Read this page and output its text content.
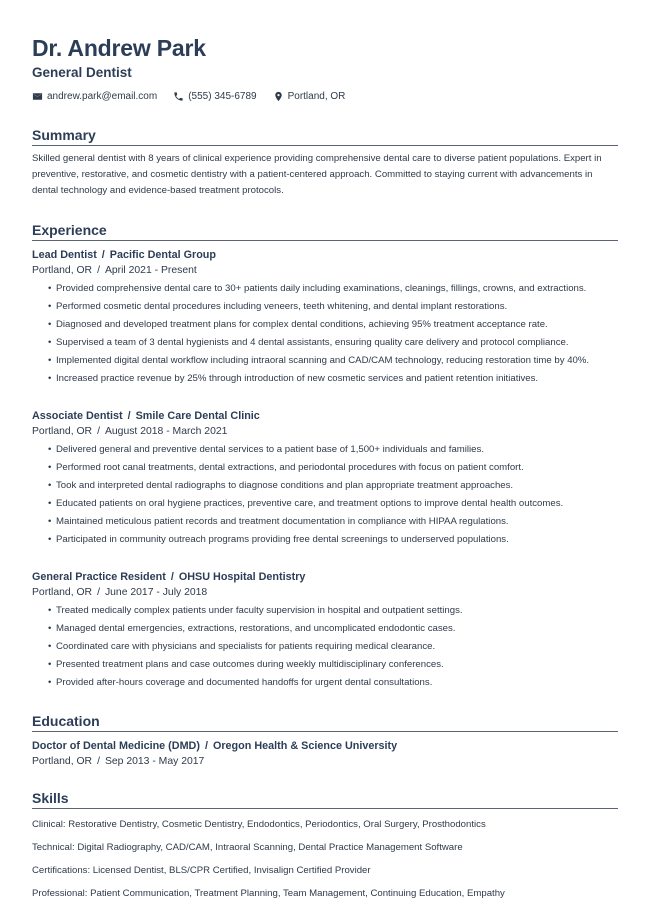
Dr. Andrew Park
General Dentist
andrew.park@email.com	(555) 345-6789	Portland, OR
Summary

Skilled general dentist with 8 years of clinical experience providing comprehensive dental care to diverse patient populations. Expert in preventive, restorative, and cosmetic dentistry with a patient-centered approach. Committed to staying current with advancements in dental technology and evidence-based treatment protocols.

Experience
Lead Dentist / Pacific Dental Group
Portland, OR / April 2021 - Present
• Provided comprehensive dental care to 30+ patients daily including examinations, cleanings, fillings, crowns, and extractions.
• Performed cosmetic dental procedures including veneers, teeth whitening, and dental implant restorations.
• Diagnosed and developed treatment plans for complex dental conditions, achieving 95% treatment acceptance rate.
• Supervised a team of 3 dental hygienists and 4 dental assistants, ensuring quality care delivery and protocol compliance.
• Implemented digital dental workflow including intraoral scanning and CAD/CAM technology, reducing restoration time by 40%.
• Increased practice revenue by 25% through introduction of new cosmetic services and patient retention initiatives.
Associate Dentist / Smile Care Dental Clinic
Portland, OR / August 2018 - March 2021
• Delivered general and preventive dental services to a patient base of 1,500+ individuals and families.
• Performed root canal treatments, dental extractions, and periodontal procedures with focus on patient comfort.
• Took and interpreted dental radiographs to diagnose conditions and plan appropriate treatment approaches.
• Educated patients on oral hygiene practices, preventive care, and treatment options to improve dental health outcomes.
• Maintained meticulous patient records and treatment documentation in compliance with HIPAA regulations.
• Participated in community outreach programs providing free dental screenings to underserved populations.
General Practice Resident / OHSU Hospital Dentistry
Portland, OR / June 2017 - July 2018
• Treated medically complex patients under faculty supervision in hospital and outpatient settings.
• Managed dental emergencies, extractions, restorations, and uncomplicated endodontic cases.
• Coordinated care with physicians and specialists for patients requiring medical clearance.
• Presented treatment plans and case outcomes during weekly multidisciplinary conferences.
• Provided after-hours coverage and documented handoffs for urgent dental consultations.
Education
Doctor of Dental Medicine (DMD) / Oregon Health & Science University
Portland, OR / Sep 2013 - May 2017
Skills
Clinical: Restorative Dentistry, Cosmetic Dentistry, Endodontics, Periodontics, Oral Surgery, Prosthodontics
Technical: Digital Radiography, CAD/CAM, Intraoral Scanning, Dental Practice Management Software
Certifications: Licensed Dentist, BLS/CPR Certified, Invisalign Certified Provider
Professional: Patient Communication, Treatment Planning, Team Management, Continuing Education, Empathy
